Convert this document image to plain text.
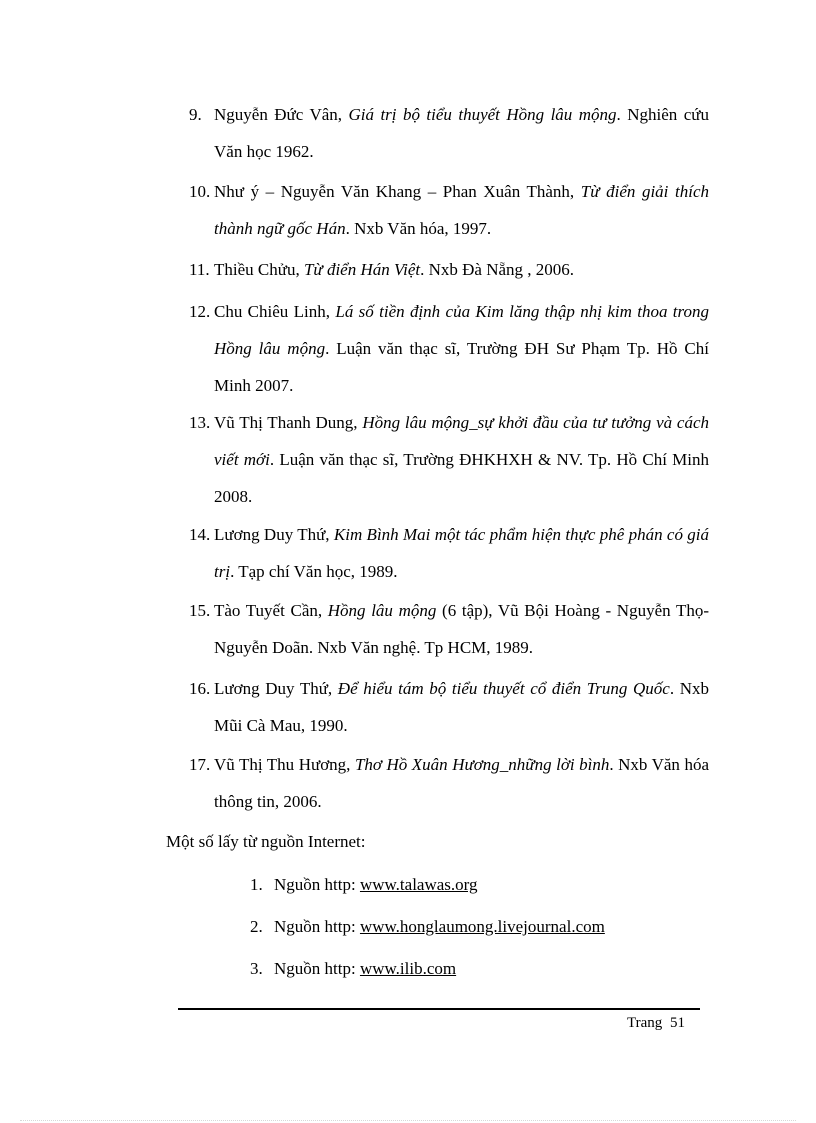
9. Nguyễn Đức Vân, Giá trị bộ tiểu thuyết Hồng lâu mộng. Nghiên cứu Văn học 1962.
10. Như ý – Nguyễn Văn Khang – Phan Xuân Thành, Từ điển giải thích thành ngữ gốc Hán. Nxb Văn hóa, 1997.
11. Thiều Chửu, Từ điển Hán Việt. Nxb Đà Nẵng , 2006.
12. Chu Chiêu Linh, Lá số tiền định của Kim lăng thập nhị kim thoa trong Hồng lâu mộng. Luận văn thạc sĩ, Trường ĐH Sư Phạm Tp. Hồ Chí Minh 2007.
13. Vũ Thị Thanh Dung, Hồng lâu mộng_sự khởi đầu của tư tưởng và cách viết mới. Luận văn thạc sĩ, Trường ĐHKHXH & NV. Tp. Hồ Chí Minh 2008.
14. Lương Duy Thứ, Kim Bình Mai một tác phẩm hiện thực phê phán có giá trị. Tạp chí Văn học, 1989.
15. Tào Tuyết Cần, Hồng lâu mộng (6 tập), Vũ Bội Hoàng - Nguyễn Thọ- Nguyễn Doãn. Nxb Văn nghệ. Tp HCM, 1989.
16. Lương Duy Thứ, Để hiểu tám bộ tiểu thuyết cổ điển Trung Quốc. Nxb Mũi Cà Mau, 1990.
17. Vũ Thị Thu Hương, Thơ Hồ Xuân Hương_những lời bình. Nxb Văn hóa thông tin, 2006.
Một số lấy từ nguồn Internet:
1. Nguồn http: www.talawas.org
2. Nguồn http: www.honglaumong.livejournal.com
3. Nguồn http: www.ilib.com
Trang 51
